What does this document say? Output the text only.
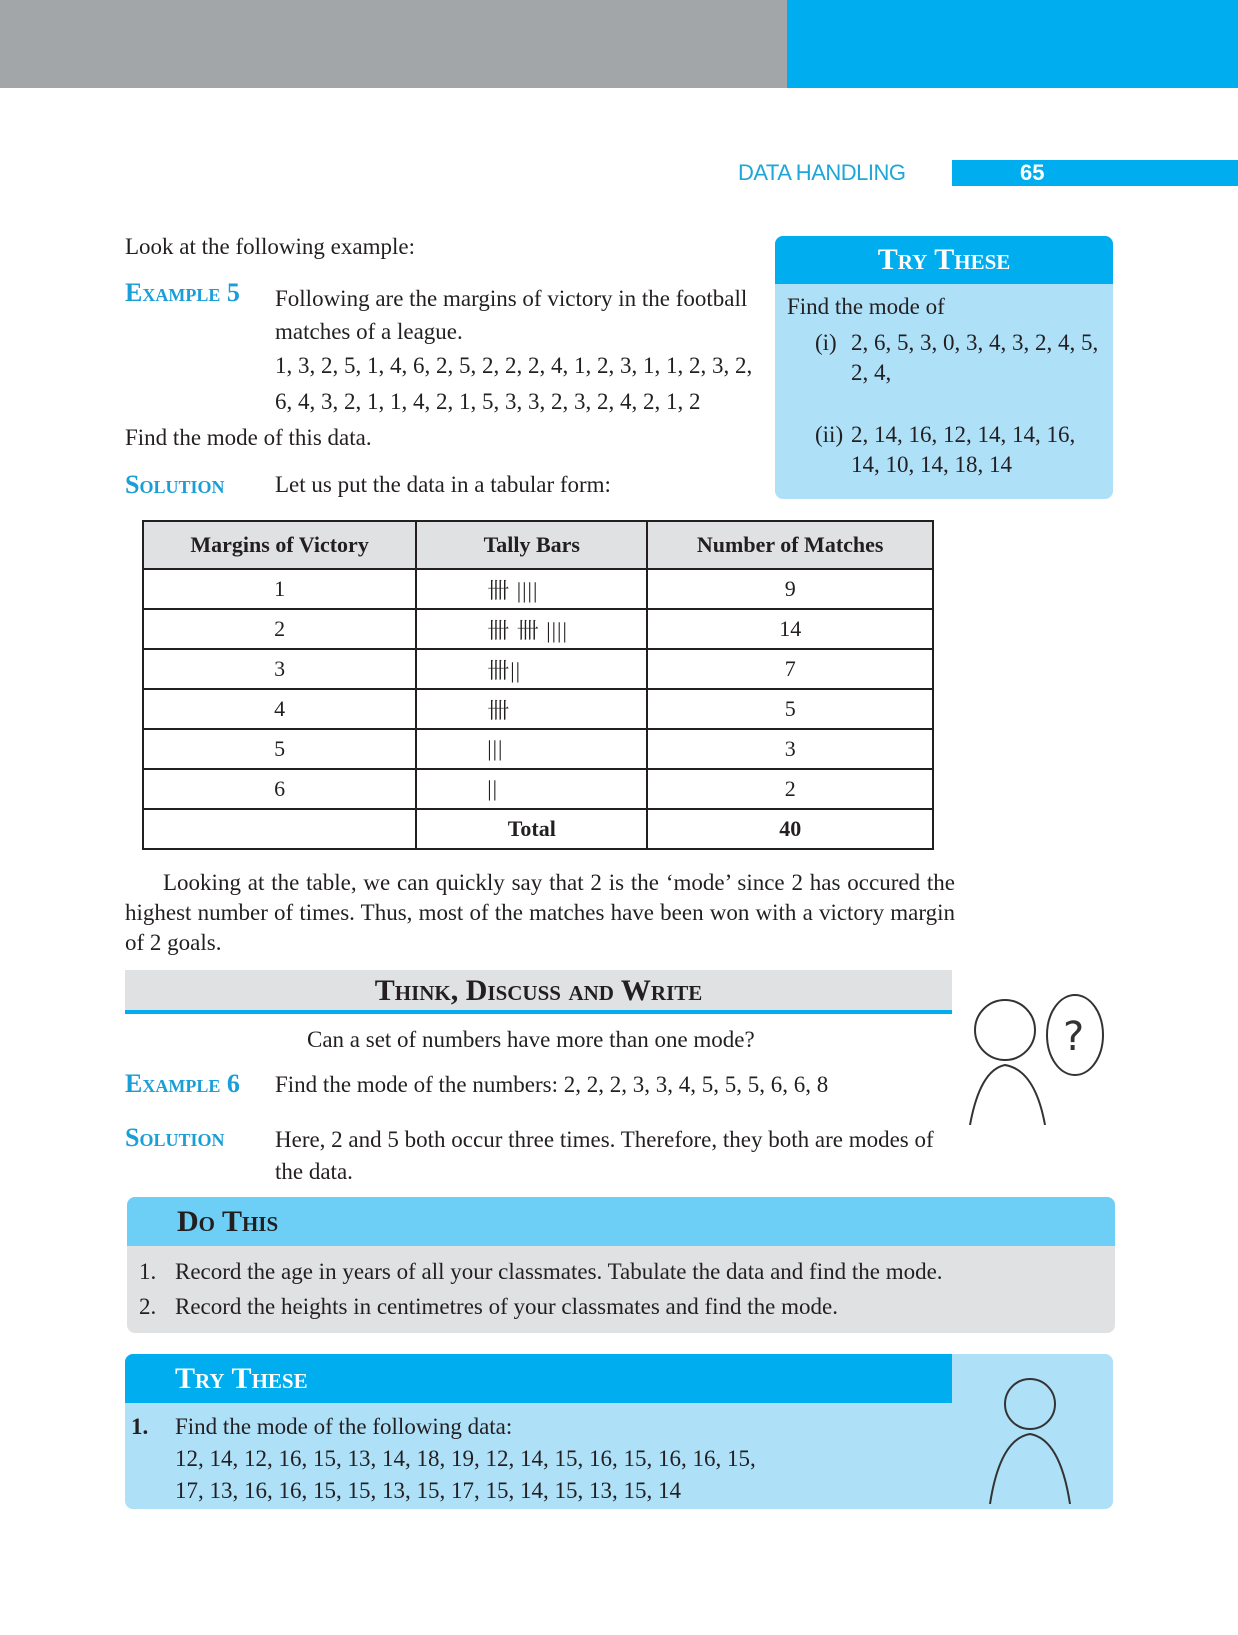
DATA HANDLING	65
Look at the following example:	Try These
Find the mode of
(i) 2, 6, 5, 3, 0, 3, 4, 3, 2, 4, 5, 2, 4,
(ii) 2, 14, 16, 12, 14, 14, 16, 14, 10, 14, 18, 14
Example 5 Following are the margins of victory in the football matches of a league.
1, 3, 2, 5, 1, 4, 6, 2, 5, 2, 2, 2, 4, 1, 2, 3, 1, 1, 2, 3, 2,
6, 4, 3, 2, 1, 1, 4, 2, 1, 5, 3, 3, 2, 3, 2, 4, 2, 1, 2
Find the mode of this data.
Solution Let us put the data in a tabular form:
Margins of Victory	Tally Bars	Number of Matches
1	卌 ||||	9
2	卌 卌 ||||	14
3	卌||	7
4	卌	5
5	|||	3
6	||	2
	Total	40
Looking at the table, we can quickly say that 2 is the ‘mode’ since 2 has occured the highest number of times. Thus, most of the matches have been won with a victory margin of 2 goals.
Think, Discuss and Write
Can a set of numbers have more than one mode?	?
Example 6 Find the mode of the numbers: 2, 2, 2, 3, 3, 4, 5, 5, 5, 6, 6, 8
Solution Here, 2 and 5 both occur three times. Therefore, they both are modes of the data.
Do This
1. Record the age in years of all your classmates. Tabulate the data and find the mode.
2. Record the heights in centimetres of your classmates and find the mode.
Try These
1.	Find the mode of the following data:
12, 14, 12, 16, 15, 13, 14, 18, 19, 12, 14, 15, 16, 15, 16, 16, 15,
17, 13, 16, 16, 15, 15, 13, 15, 17, 15, 14, 15, 13, 15, 14
